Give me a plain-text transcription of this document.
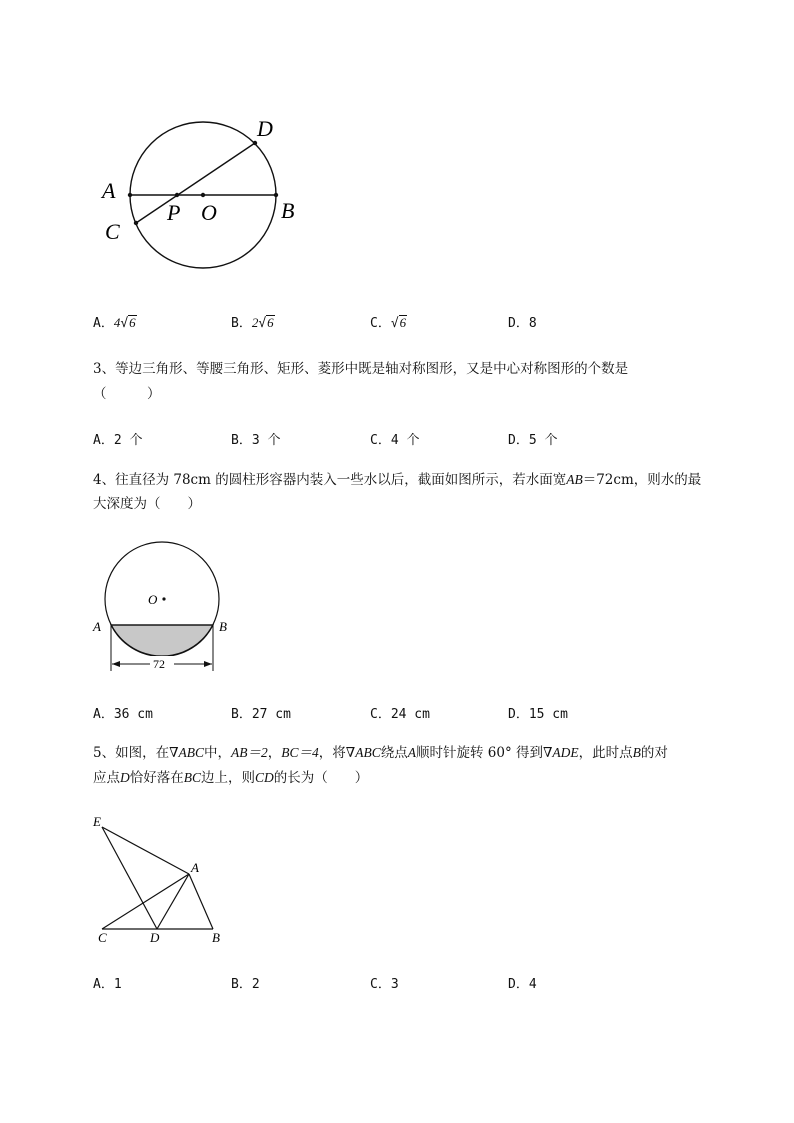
D
A
C
P O	B
A．4√6	B．2√6	C．√6	D．8
3、等边三角形、等腰三角形、矩形、菱形中既是轴对称图形，又是中心对称图形的个数是
（　　　）
A．2 个	B．3 个	C．4 个	D．5 个
4、往直径为 78cm 的圆柱形容器内装入一些水以后，截面如图所示，若水面宽AB＝72cm，则水的最
大深度为（　　）
72
O
A	B
A．36 cm	B．27 cm	C．24 cm	D．15 cm
5、如图，在∇ABC中，AB＝2，BC＝4，将∇ABC绕点A顺时针旋转 60° 得到∇ADE，此时点B的对
应点D恰好落在BC边上，则CD的长为（　　）
E
A
C	D	B
A．1	B．2	C．3	D．4
